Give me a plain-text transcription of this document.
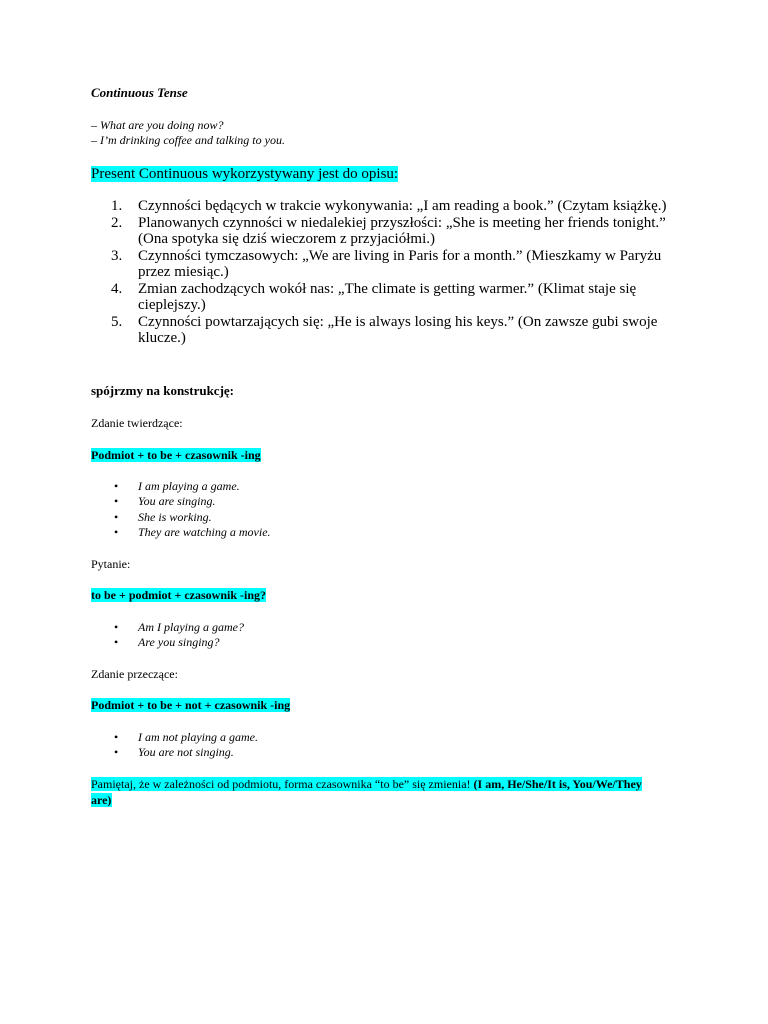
Continuous Tense

– What are you doing now?
– I’m drinking coffee and talking to you.

Present Continuous wykorzystywany jest do opisu:

1. Czynności będących w trakcie wykonywania: „I am reading a book.” (Czytam książkę.)
2. Planowanych czynności w niedalekiej przyszłości: „She is meeting her friends tonight.” (Ona spotyka się dziś wieczorem z przyjaciółmi.)
3. Czynności tymczasowych: „We are living in Paris for a month.” (Mieszkamy w Paryżu przez miesiąc.)
4. Zmian zachodzących wokół nas: „The climate is getting warmer.” (Klimat staje się cieplejszy.)
5. Czynności powtarzających się: „He is always losing his keys.” (On zawsze gubi swoje klucze.)

spójrzmy na konstrukcję:

Zdanie twierdzące:

Podmiot + to be + czasownik -ing

• I am playing a game.
• You are singing.
• She is working.
• They are watching a movie.

Pytanie:

to be + podmiot + czasownik -ing?

• Am I playing a game?
• Are you singing?

Zdanie przeczące:

Podmiot + to be + not + czasownik -ing

• I am not playing a game.
• You are not singing.

Pamiętaj, że w zależności od podmiotu, forma czasownika “to be” się zmienia! (I am, He/She/It is, You/We/They are)
